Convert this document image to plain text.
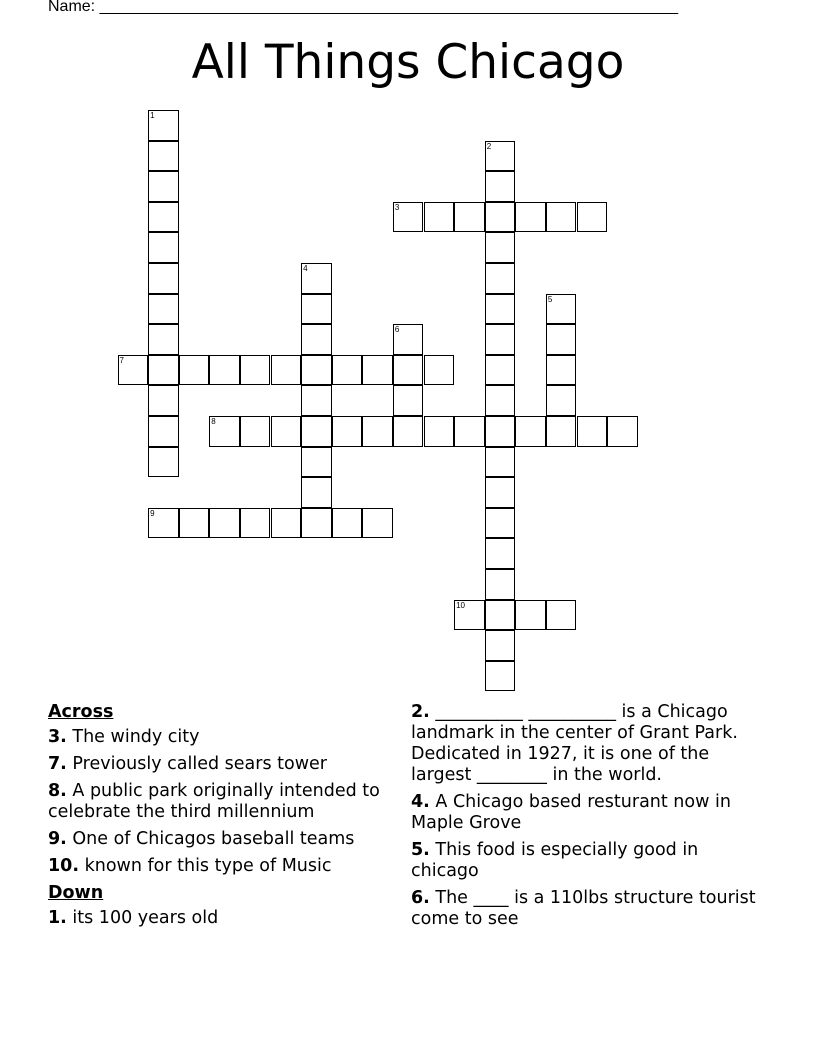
Name: _________________________________________________________________
All Things Chicago
1
2
3
4
5
6
7
8
9
10
Across
3. The windy city
7. Previously called sears tower
8. A public park originally intended to celebrate the third millennium
9. One of Chicagos baseball teams
10. known for this type of Music
Down
1. its 100 years old
2. __________ __________ is a Chicago landmark in the center of Grant Park. Dedicated in 1927, it is one of the largest ________ in the world.
4. A Chicago based resturant now in Maple Grove
5. This food is especially good in chicago
6. The ____ is a 110lbs structure tourist come to see
